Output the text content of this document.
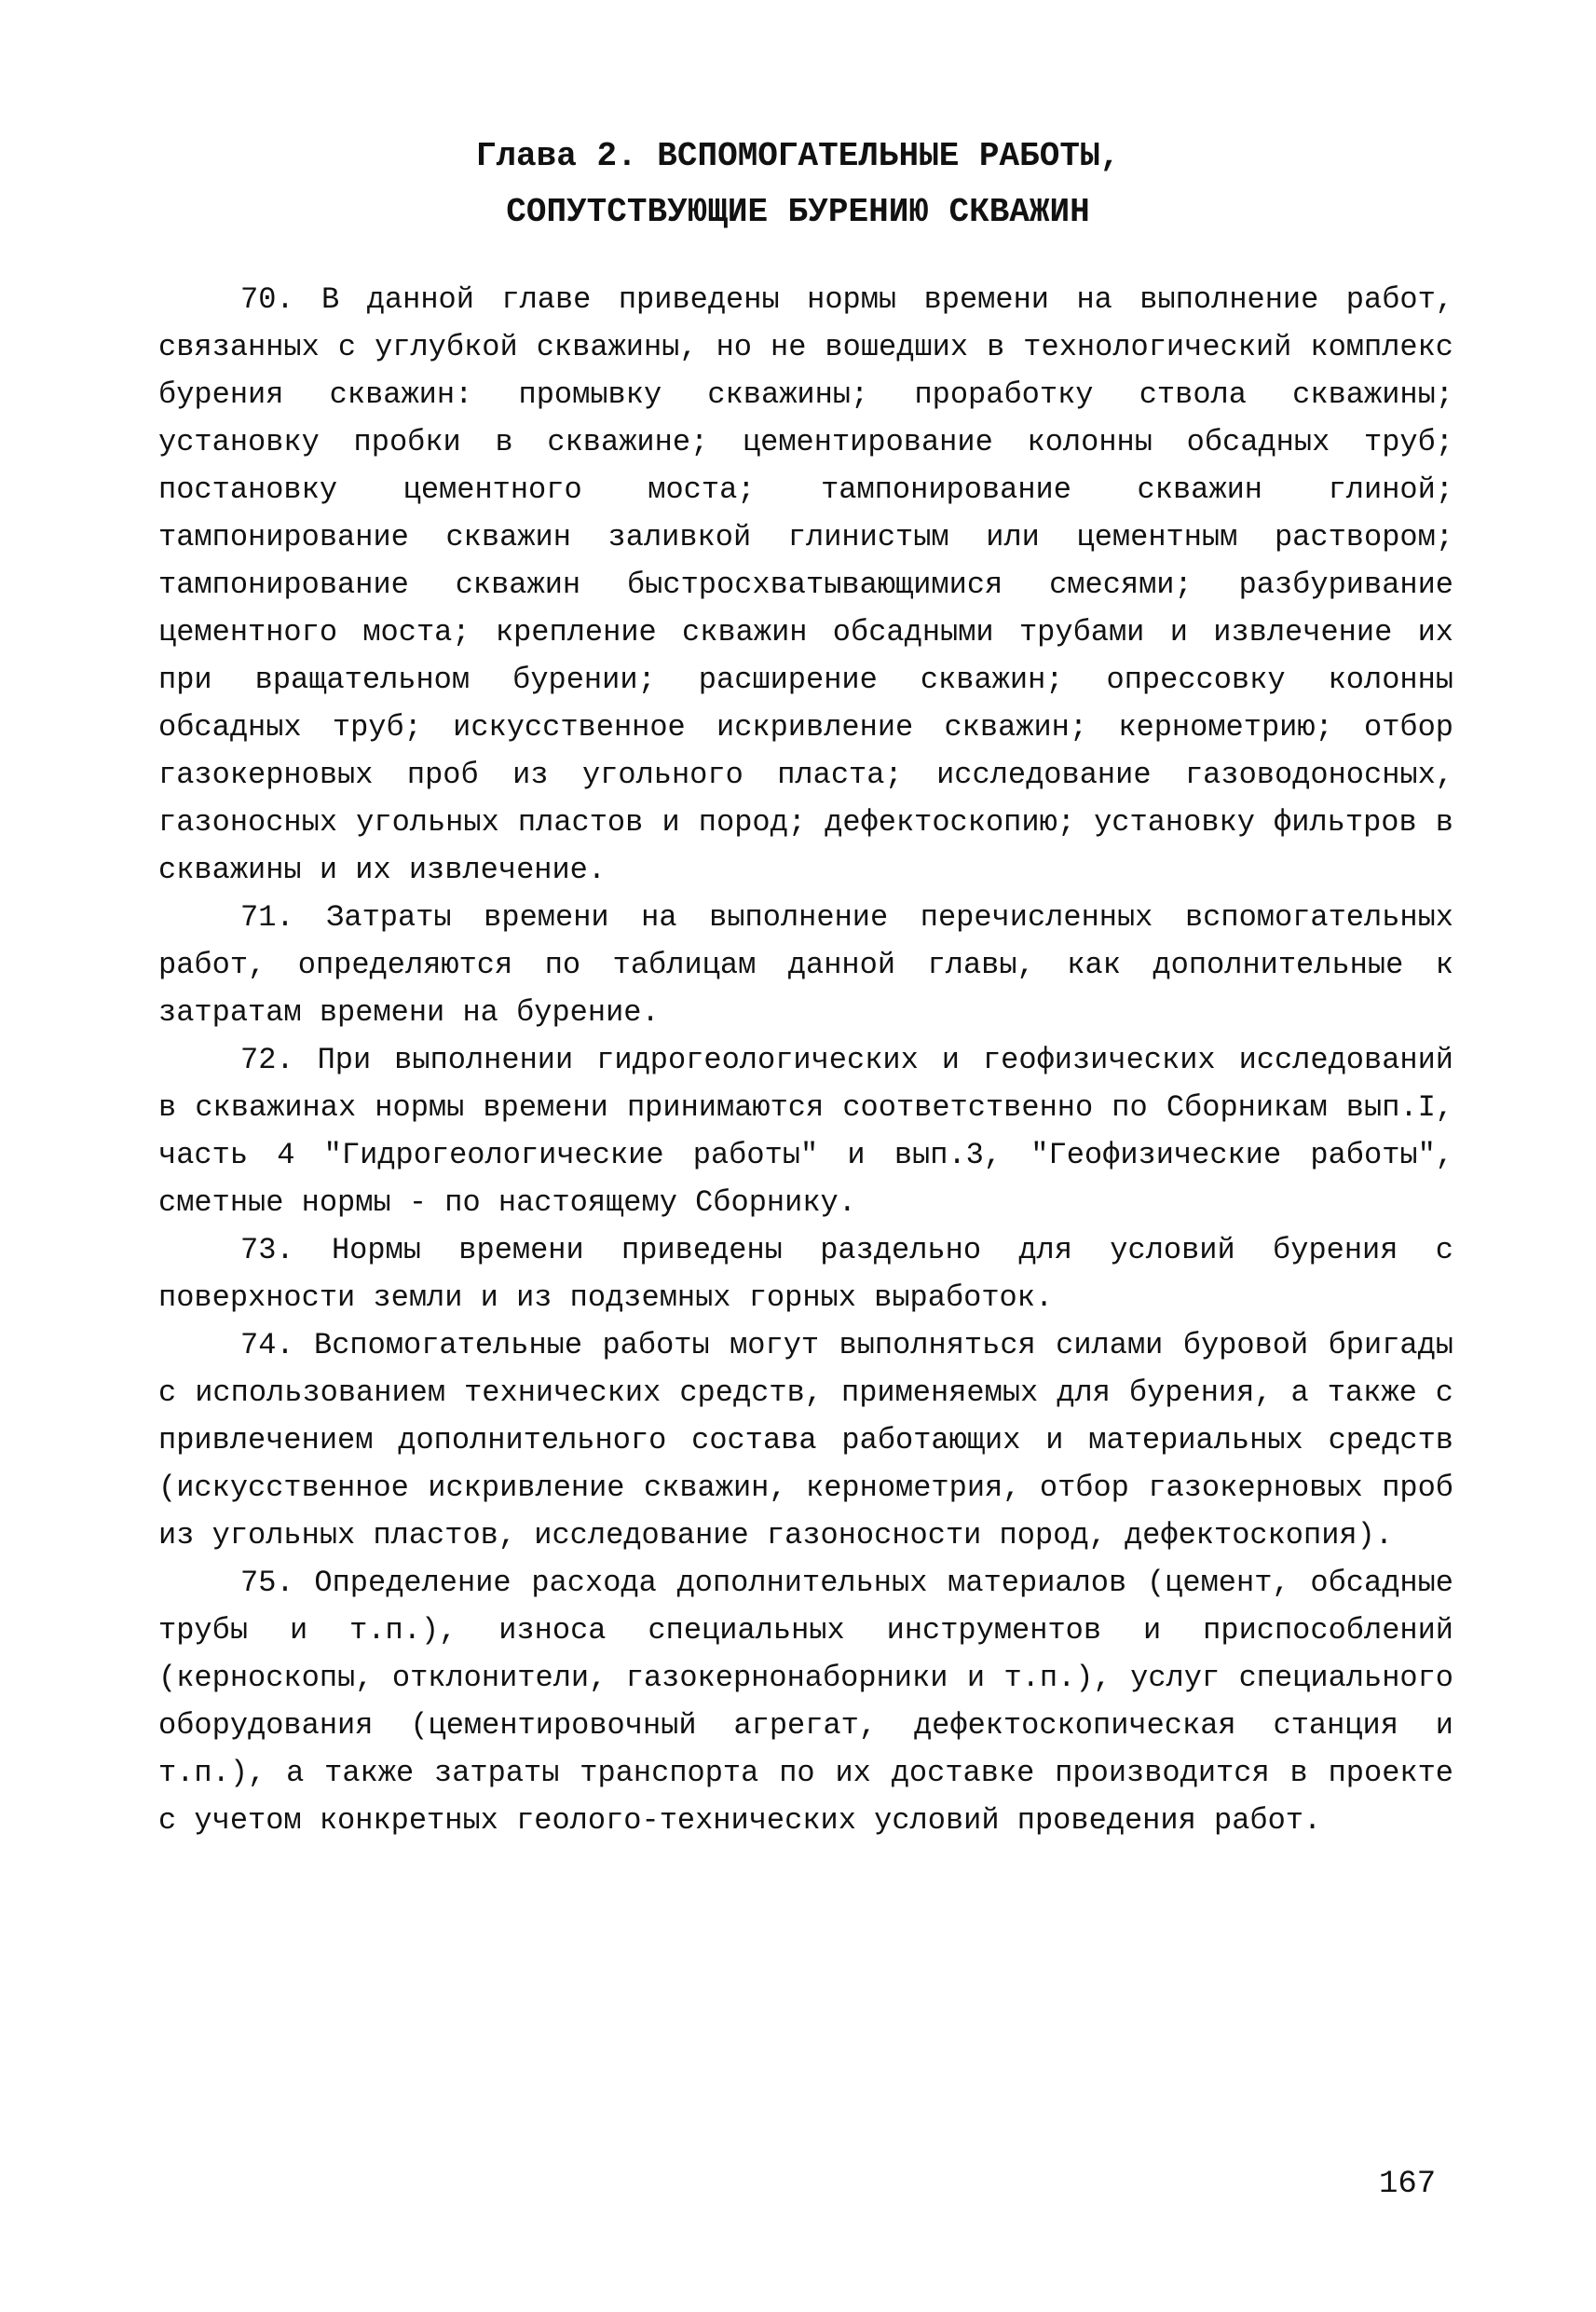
Глава 2. ВСПОМОГАТЕЛЬНЫЕ РАБОТЫ,
СОПУТСТВУЮЩИЕ БУРЕНИЮ СКВАЖИН

70. В данной главе приведены нормы времени на выполнение работ, связанных с углубкой скважины, но не вошедших в технологический комплекс бурения скважин: промывку скважины; проработку ствола скважины; установку пробки в скважине; цементирование колонны обсадных труб; постановку цементного моста; тампонирование скважин глиной; тампонирование скважин заливкой глинистым или цементным раствором; тампонирование скважин быстросхватывающимися смесями; разбуривание цементного моста; крепление скважин обсадными трубами и извлечение их при вращательном бурении; расширение скважин; опрессовку колонны обсадных труб; искусственное искривление скважин; кернометрию; отбор газокерновых проб из угольного пласта; исследование газоводоносных, газоносных угольных пластов и пород; дефектоскопию; установку фильтров в скважины и их извлечение.

71. Затраты времени на выполнение перечисленных вспомогательных работ, определяются по таблицам данной главы, как дополнительные к затратам времени на бурение.

72. При выполнении гидрогеологических и геофизических исследований в скважинах нормы времени принимаются соответственно по Сборникам вып.I, часть 4 "Гидрогеологические работы" и вып.3, "Геофизические работы", сметные нормы - по настоящему Сборнику.

73. Нормы времени приведены раздельно для условий бурения с поверхности земли и из подземных горных выработок.

74. Вспомогательные работы могут выполняться силами буровой бригады с использованием технических средств, применяемых для бурения, а также с привлечением дополнительного состава работающих и материальных средств (искусственное искривление скважин, кернометрия, отбор газокерновых проб из угольных пластов, исследование газоносности пород, дефектоскопия).

75. Определение расхода дополнительных материалов (цемент, обсадные трубы и т.п.), износа специальных инструментов и приспособлений (керноскопы, отклонители, газокернонаборники и т.п.), услуг специального оборудования (цементировочный агрегат, дефектоскопическая станция и т.п.), а также затраты транспорта по их доставке производится в проекте с учетом конкретных геолого-технических условий проведения работ.

167
